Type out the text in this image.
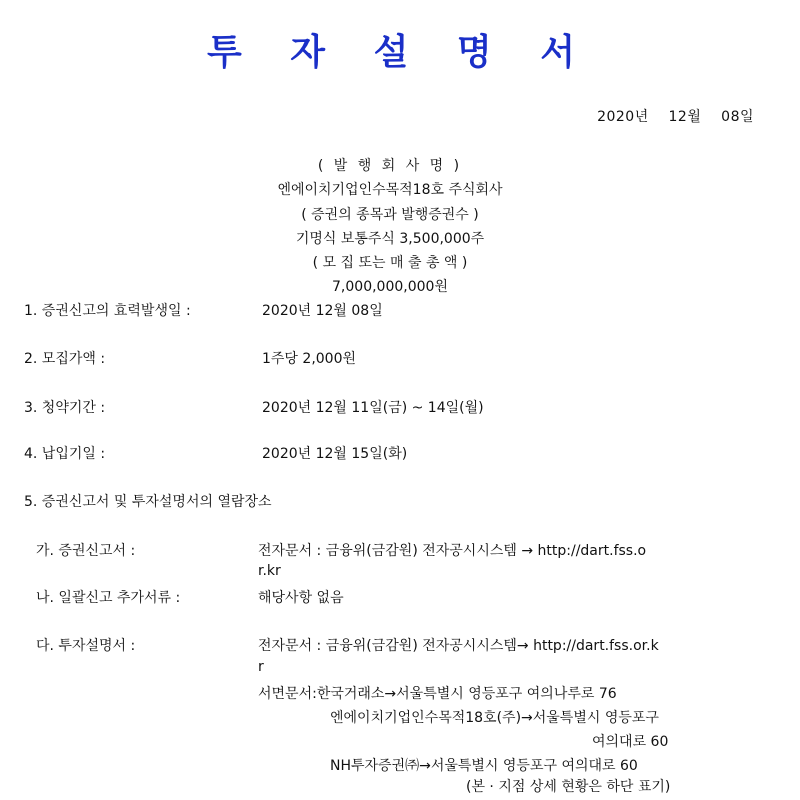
투 자 설 명 서
2020년    12월    08일
( 발 행 회 사 명 )
엔에이치기업인수목적18호 주식회사
( 증권의 종목과 발행증권수 )
기명식 보통주식 3,500,000주
( 모 집 또는 매 출 총 액 )
7,000,000,000원
1. 증권신고의 효력발생일 :	2020년 12월 08일
2. 모집가액 :	1주당 2,000원
3. 청약기간 :	2020년 12월 11일(금) ~ 14일(월)
4. 납입기일 :	2020년 12월 15일(화)
5. 증권신고서 및 투자설명서의 열람장소
가. 증권신고서 :	전자문서 : 금융위(금감원) 전자공시시스템 → http://dart.fss.o
r.kr
나. 일괄신고 추가서류 :	해당사항 없음
다. 투자설명서 :	전자문서 : 금융위(금감원) 전자공시시스템→ http://dart.fss.or.k
r
서면문서:한국거래소→서울특별시 영등포구 여의나루로 76
엔에이치기업인수목적18호(주)→서울특별시 영등포구
여의대로 60
NH투자증권㈜→서울특별시 영등포구 여의대로 60
(본 · 지점 상세 현황은 하단 표기)
